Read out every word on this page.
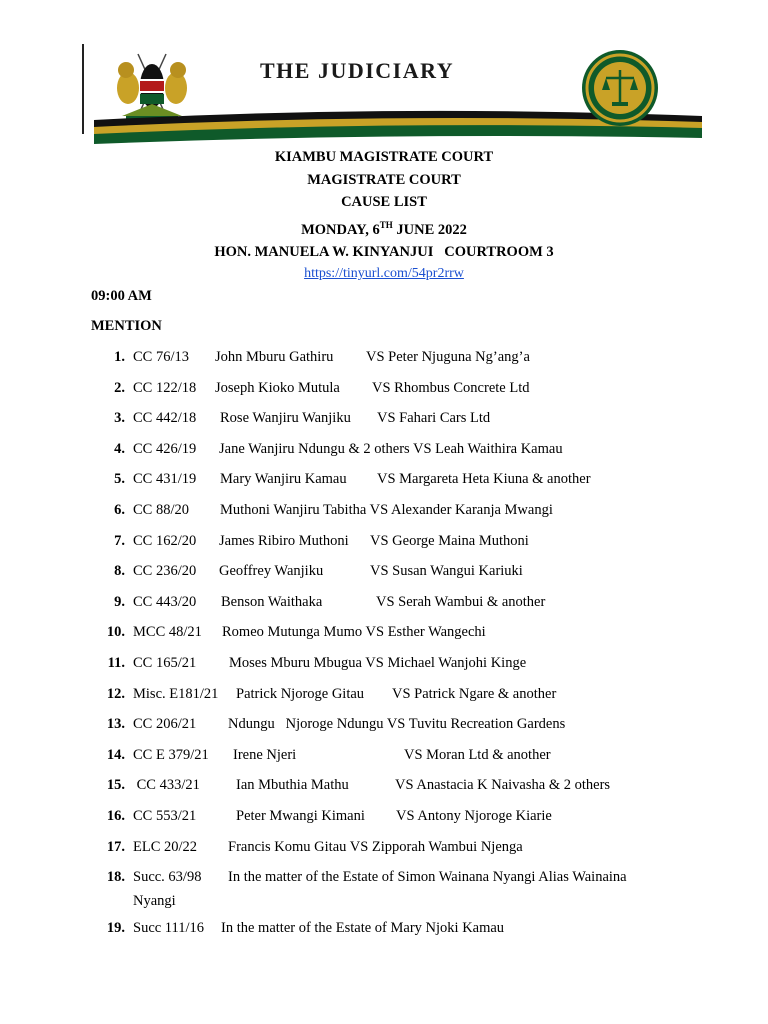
THE JUDICIARY
KIAMBU MAGISTRATE COURT
MAGISTRATE COURT
CAUSE LIST
MONDAY, 6TH JUNE 2022
HON. MANUELA W. KINYANJUI   COURTROOM 3
https://tinyurl.com/54pr2rrw
09:00 AM
MENTION
1. CC 76/13 John Mburu Gathiru VS Peter Njuguna Ng’ang’a
2. CC 122/18 Joseph Kioko Mutula VS Rhombus Concrete Ltd
3. CC 442/18 Rose Wanjiru Wanjiku VS Fahari Cars Ltd
4. CC 426/19 Jane Wanjiru Ndungu & 2 others VS Leah Waithira Kamau
5. CC 431/19 Mary Wanjiru Kamau VS Margareta Heta Kiuna & another
6. CC 88/20 Muthoni Wanjiru Tabitha VS Alexander Karanja Mwangi
7. CC 162/20 James Ribiro Muthoni VS George Maina Muthoni
8. CC 236/20 Geoffrey Wanjiku	VS Susan Wangui Kariuki
9. CC 443/20 Benson Waithaka	VS Serah Wambui & another
10. MCC 48/21 Romeo Mutunga Mumo VS Esther Wangechi
11. CC 165/21 Moses Mburu Mbugua VS Michael Wanjohi Kinge
12. Misc. E181/21 Patrick Njoroge Gitau VS Patrick Ngare & another
13. CC 206/21 Ndungu   Njoroge Ndungu VS Tuvitu Recreation Gardens
14. CC E 379/21 Irene Njeri	VS Moran Ltd & another
15. CC 433/21 Ian Mbuthia Mathu	VS Anastacia K Naivasha & 2 others
16. CC 553/21	Peter Mwangi Kimani VS Antony Njoroge Kiarie
17. ELC 20/22 Francis Komu Gitau VS Zipporah Wambui Njenga
18. Succ. 63/98 In the matter of the Estate of Simon Wainana Nyangi Alias Wainaina
Nyangi
19. Succ 111/16 In the matter of the Estate of Mary Njoki Kamau
